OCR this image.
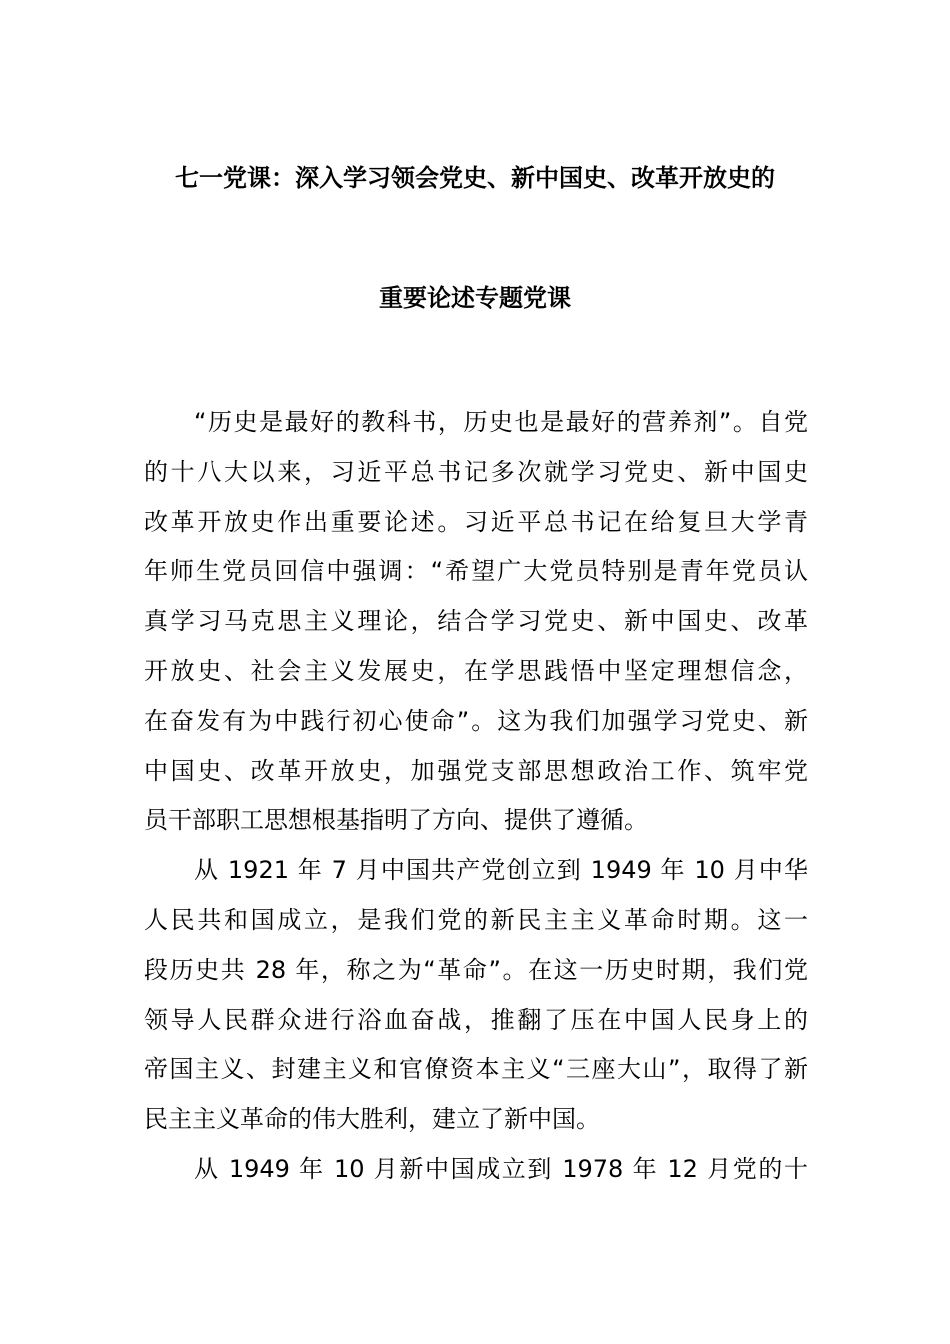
七一党课：深入学习领会党史、新中国史、改革开放史的
重要论述专题党课

“历史是最好的教科书，历史也是最好的营养剂”。自党

的十八大以来，习近平总书记多次就学习党史、新中国史

改革开放史作出重要论述。习近平总书记在给复旦大学青

年师生党员回信中强调：“希望广大党员特别是青年党员认

真学习马克思主义理论，结合学习党史、新中国史、改革

开放史、社会主义发展史，在学思践悟中坚定理想信念，

在奋发有为中践行初心使命”。这为我们加强学习党史、新

中国史、改革开放史，加强党支部思想政治工作、筑牢党

员干部职工思想根基指明了方向、提供了遵循。

从 1921 年 7 月中国共产党创立到 1949 年 10 月中华

人民共和国成立，是我们党的新民主主义革命时期。这一

段历史共 28 年，称之为“革命”。在这一历史时期，我们党

领导人民群众进行浴血奋战，推翻了压在中国人民身上的

帝国主义、封建主义和官僚资本主义“三座大山”，取得了新

民主主义革命的伟大胜利，建立了新中国。

从 1949 年 10 月新中国成立到 1978 年 12 月党的十
